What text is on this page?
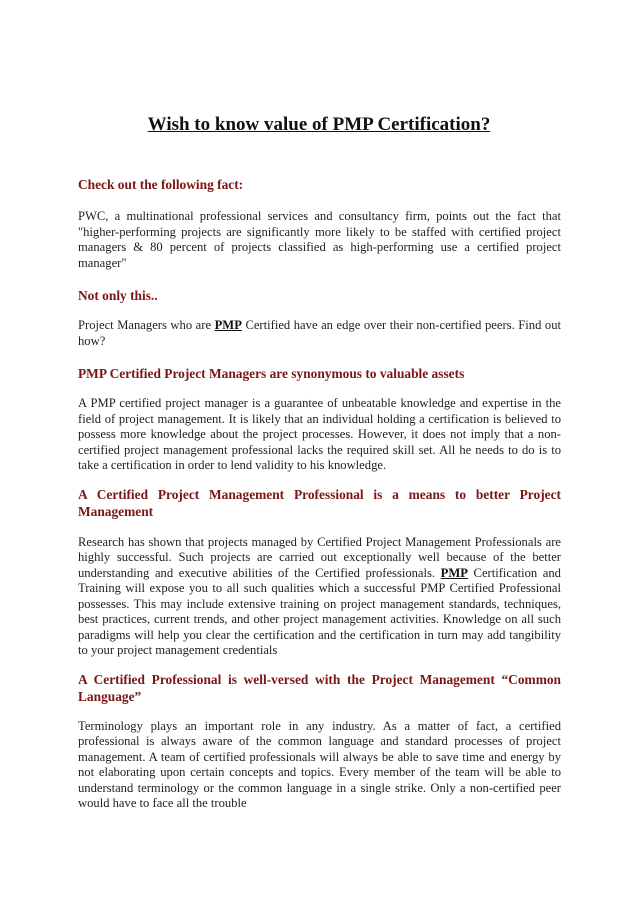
Wish to know value of PMP Certification?

Check out the following fact:

PWC, a multinational professional services and consultancy firm, points out the fact that "higher-performing projects are significantly more likely to be staffed with certified project managers & 80 percent of projects classified as high-performing use a certified project manager"

Not only this..

Project Managers who are PMP Certified have an edge over their non-certified peers. Find out how?

PMP Certified Project Managers are synonymous to valuable assets

A PMP certified project manager is a guarantee of unbeatable knowledge and expertise in the field of project management. It is likely that an individual holding a certification is believed to possess more knowledge about the project processes. However, it does not imply that a non-certified project management professional lacks the required skill set. All he needs to do is to take a certification in order to lend validity to his knowledge.

A Certified Project Management Professional is a means to better Project Management

Research has shown that projects managed by Certified Project Management Professionals are highly successful. Such projects are carried out exceptionally well because of the better understanding and executive abilities of the Certified professionals. PMP Certification and Training will expose you to all such qualities which a successful PMP Certified Professional possesses. This may include extensive training on project management standards, techniques, best practices, current trends, and other project management activities. Knowledge on all such paradigms will help you clear the certification and the certification in turn may add tangibility to your project management credentials

A Certified Professional is well-versed with the Project Management “Common Language”

Terminology plays an important role in any industry. As a matter of fact, a certified professional is always aware of the common language and standard processes of project management. A team of certified professionals will always be able to save time and energy by not elaborating upon certain concepts and topics. Every member of the team will be able to understand terminology or the common language in a single strike. Only a non-certified peer would have to face all the trouble
